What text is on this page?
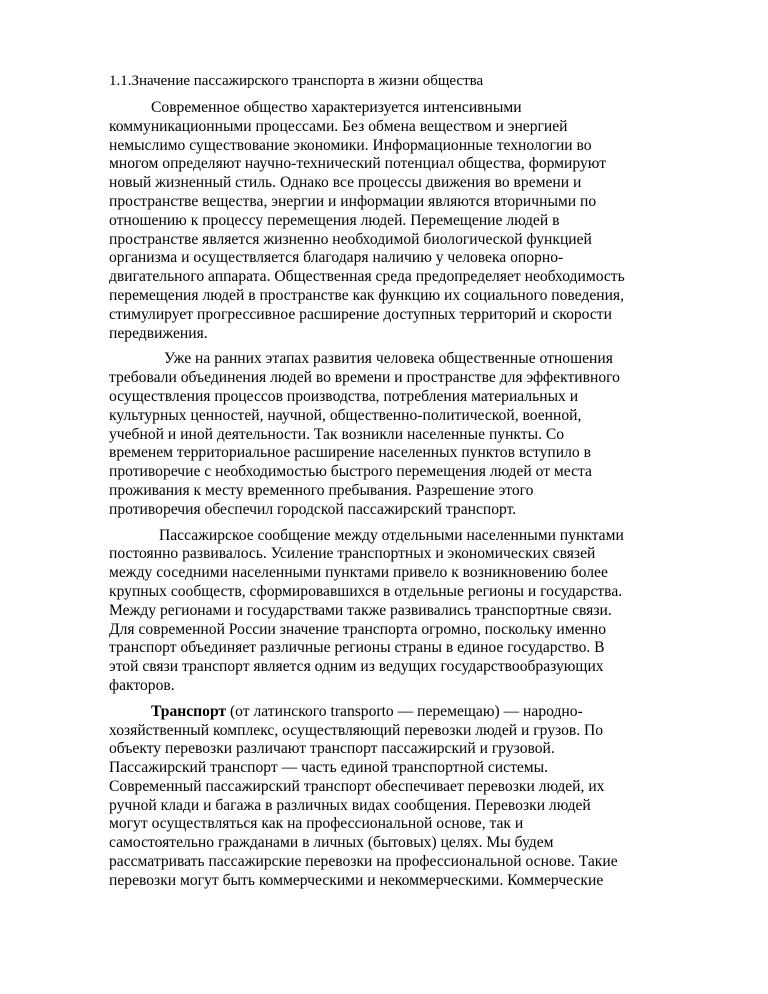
1.1.Значение пассажирского транспорта в жизни общества
Современное общество характеризуется интенсивными
коммуникационными процессами. Без обмена веществом и энергией
немыслимо существование экономики. Информационные технологии во
многом определяют научно-технический потенциал общества, формируют
новый жизненный стиль. Однако все процессы движения во времени и
пространстве вещества, энергии и информации являются вторичными по
отношению к процессу перемещения людей. Перемещение людей в
пространстве является жизненно необходимой биологической функцией
организма и осуществляется благодаря наличию у человека опорно-
двигательного аппарата. Общественная среда предопределяет необходимость
перемещения людей в пространстве как функцию их социального поведения,
стимулирует прогрессивное расширение доступных территорий и скорости
передвижения.
Уже на ранних этапах развития человека общественные отношения
требовали объединения людей во времени и пространстве для эффективного
осуществления процессов производства, потребления материальных и
культурных ценностей, научной, общественно-политической, военной,
учебной и иной деятельности. Так возникли населенные пункты. Со
временем территориальное расширение населенных пунктов вступило в
противоречие с необходимостью быстрого перемещения людей от места
проживания к месту временного пребывания. Разрешение этого
противоречия обеспечил городской пассажирский транспорт.
Пассажирское сообщение между отдельными населенными пунктами
постоянно развивалось. Усиление транспортных и экономических связей
между соседними населенными пунктами привело к возникновению более
крупных сообществ, сформировавшихся в отдельные регионы и государства.
Между регионами и государствами также развивались транспортные связи.
Для современной России значение транспорта огромно, поскольку именно
транспорт объединяет различные регионы страны в единое государство. В
этой связи транспорт является одним из ведущих государствообразующих
факторов.
Транспорт (от латинского transporto — перемещаю) — народно-
хозяйственный комплекс, осуществляющий перевозки людей и грузов. По
объекту перевозки различают транспорт пассажирский и грузовой.
Пассажирский транспорт — часть единой транспортной системы.
Современный пассажирский транспорт обеспечивает перевозки людей, их
ручной клади и багажа в различных видах сообщения. Перевозки людей
могут осуществляться как на профессиональной основе, так и
самостоятельно гражданами в личных (бытовых) целях. Мы будем
рассматривать пассажирские перевозки на профессиональной основе. Такие
перевозки могут быть коммерческими и некоммерческими. Коммерческие
